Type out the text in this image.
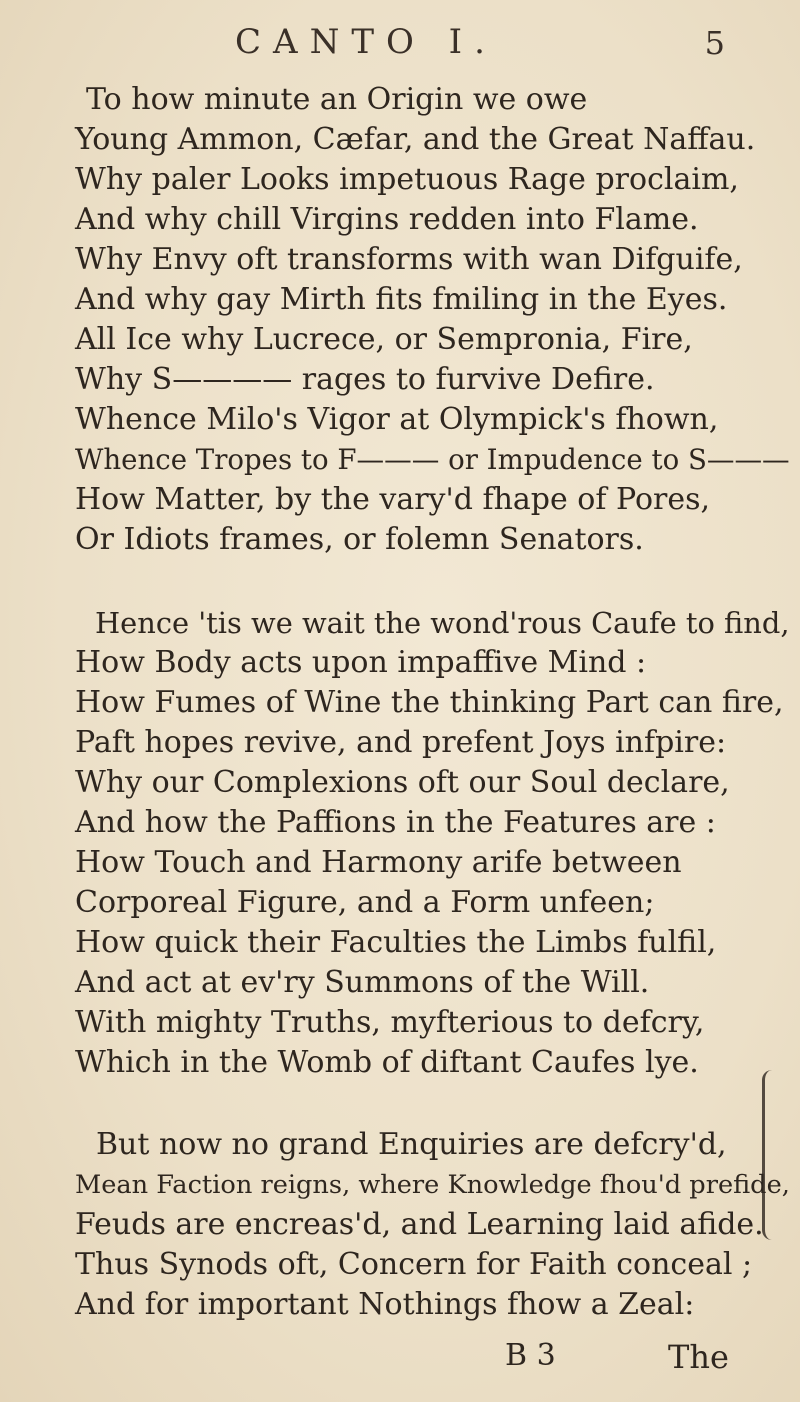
CANTO I.	5
To how minute an Origin we owe
Young Ammon, Cæfar, and the Great Naffau.
Why paler Looks impetuous Rage proclaim,
And why chill Virgins redden into Flame.
Why Envy oft transforms with wan Difguife,
And why gay Mirth fits fmiling in the Eyes.
All Ice why Lucrece, or Sempronia, Fire,
Why S———— rages to furvive Defire.
Whence Milo's Vigor at Olympick's fhown,
Whence Tropes to F——— or Impudence to S———
How Matter, by the vary'd fhape of Pores,
Or Idiots frames, or folemn Senators.
Hence 'tis we wait the wond'rous Caufe to find,
How Body acts upon impaffive Mind :
How Fumes of Wine the thinking Part can fire,
Paft hopes revive, and prefent Joys infpire:
Why our Complexions oft our Soul declare,
And how the Paffions in the Features are :
How Touch and Harmony arife between
Corporeal Figure, and a Form unfeen;
How quick their Faculties the Limbs fulfil,
And act at ev'ry Summons of the Will.
With mighty Truths, myfterious to defcry,
Which in the Womb of diftant Caufes lye.
But now no grand Enquiries are defcry'd,
Mean Faction reigns, where Knowledge fhou'd prefide,
Feuds are encreas'd, and Learning laid afide.
Thus Synods oft, Concern for Faith conceal ;
And for important Nothings fhow a Zeal:
B 3	The
